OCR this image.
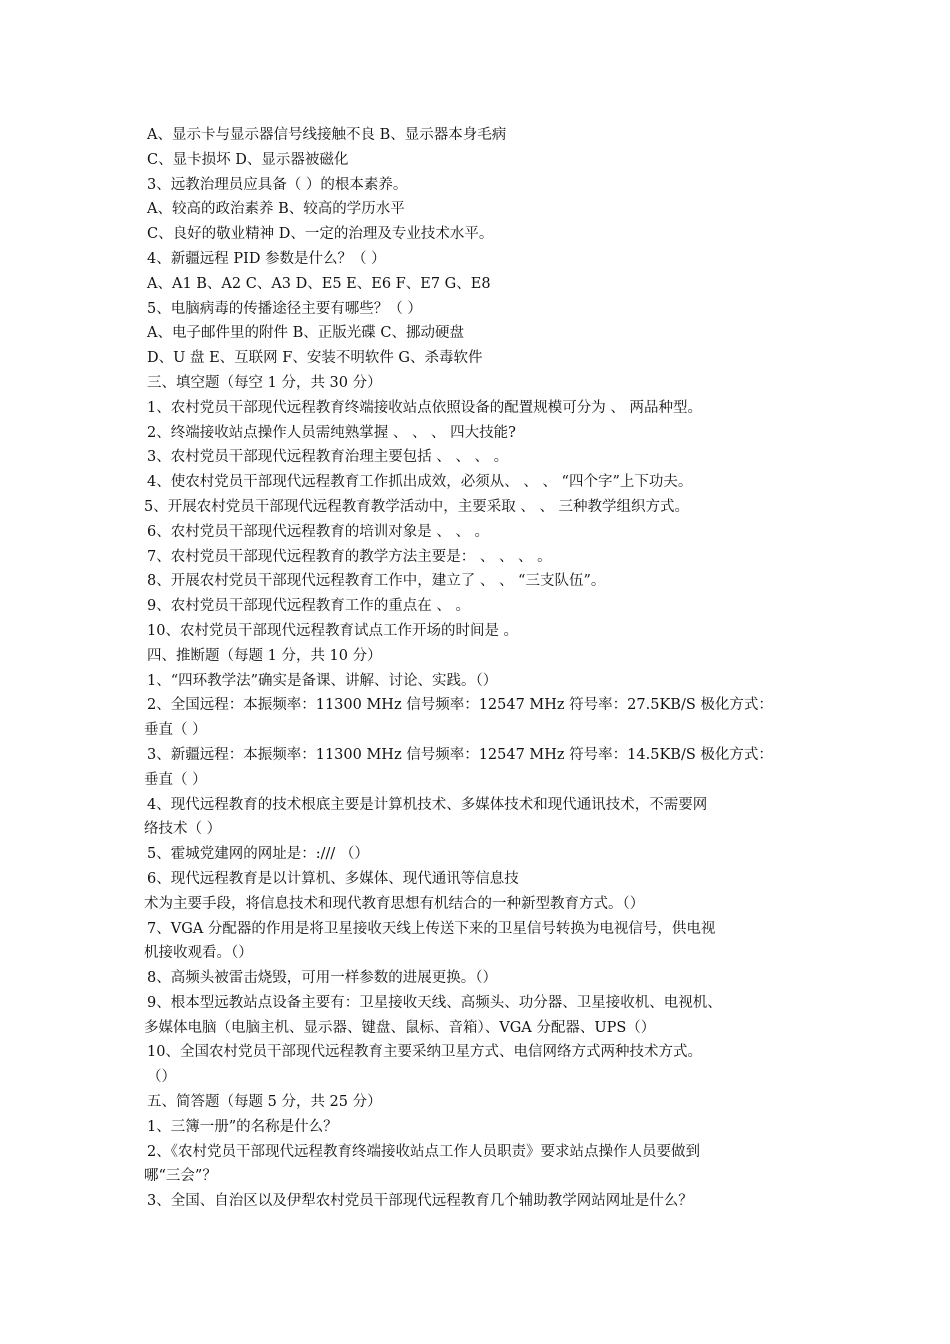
A、显示卡与显示器信号线接触不良 B、显示器本身毛病
C、显卡损坏 D、显示器被磁化
3、远教治理员应具备（ ）的根本素养。
A、较高的政治素养 B、较高的学历水平
C、良好的敬业精神 D、一定的治理及专业技术水平。
4、新疆远程 PID 参数是什么？（ ）
A、A1 B、A2 C、A3 D、E5 E、E6 F、E7 G、E8
5、电脑病毒的传播途径主要有哪些？（ ）
A、电子邮件里的附件 B、正版光碟 C、挪动硬盘
D、U 盘 E、互联网 F、安装不明软件 G、杀毒软件
三、填空题（每空 1 分，共 30 分）
1、农村党员干部现代远程教育终端接收站点依照设备的配置规模可分为 、 两品种型。
2、终端接收站点操作人员需纯熟掌握 、 、 、 四大技能?
3、农村党员干部现代远程教育治理主要包括 、 、 、 。
4、使农村党员干部现代远程教育工作抓出成效，必须从、 、 、 “四个字”上下功夫。
5、开展农村党员干部现代远程教育教学活动中，主要采取 、 、 三种教学组织方式。
6、农村党员干部现代远程教育的培训对象是 、 、 。
7、农村党员干部现代远程教育的教学方法主要是： 、 、 、 。
8、开展农村党员干部现代远程教育工作中，建立了 、 、 “三支队伍”。
9、农村党员干部现代远程教育工作的重点在 、 。
10、农村党员干部现代远程教育试点工作开场的时间是 。
四、推断题（每题 1 分，共 10 分）
1、“四环教学法”确实是备课、讲解、讨论、实践。（）
2、全国远程：本振频率：11300 MHz 信号频率：12547 MHz 符号率：27.5KB/S 极化方式：
垂直（ ）
3、新疆远程：本振频率：11300 MHz 信号频率：12547 MHz 符号率：14.5KB/S 极化方式：
垂直（ ）
4、现代远程教育的技术根底主要是计算机技术、多媒体技术和现代通讯技术，不需要网
络技术（ ）
5、霍城党建网的网址是：:/// （）
6、现代远程教育是以计算机、多媒体、现代通讯等信息技
术为主要手段，将信息技术和现代教育思想有机结合的一种新型教育方式。（）
7、VGA 分配器的作用是将卫星接收天线上传送下来的卫星信号转换为电视信号，供电视
机接收观看。（）
8、高频头被雷击烧毁，可用一样参数的进展更换。（）
9、根本型远教站点设备主要有：卫星接收天线、高频头、功分器、卫星接收机、电视机、
多媒体电脑（电脑主机、显示器、键盘、鼠标、音箱）、VGA 分配器、UPS（）
10、全国农村党员干部现代远程教育主要采纳卫星方式、电信网络方式两种技术方式。
（）
五、简答题（每题 5 分，共 25 分）
1、三簿一册”的名称是什么？
2、《农村党员干部现代远程教育终端接收站点工作人员职责》要求站点操作人员要做到
哪“三会”？
3、全国、自治区以及伊犁农村党员干部现代远程教育几个辅助教学网站网址是什么？
